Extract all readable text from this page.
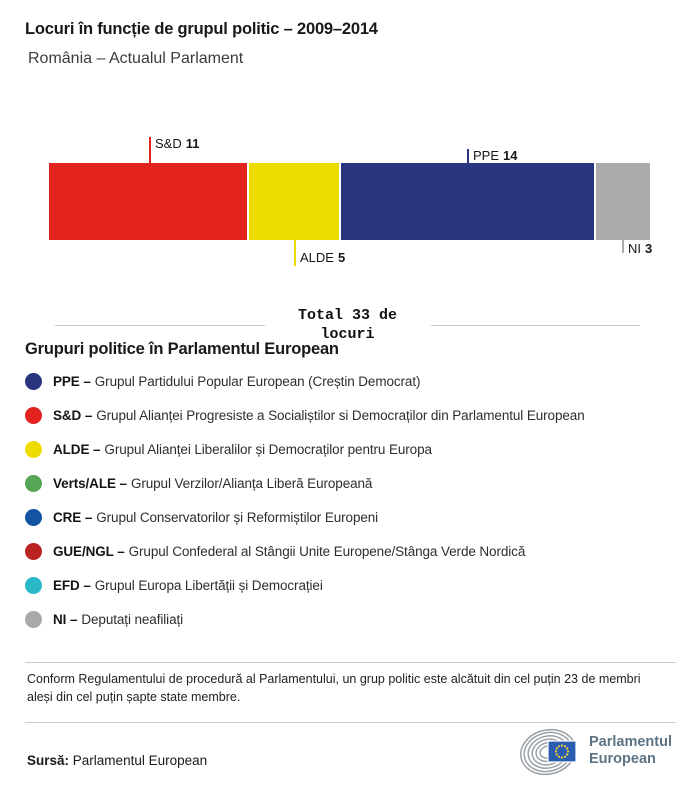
Locuri în funcție de grupul politic – 2009–2014
România – Actualul Parlament
S&D 11
PPE 14
ALDE 5
NI 3
Total 33 de locuri
Grupuri politice în Parlamentul European
PPE – Grupul Partidului Popular European (Creștin Democrat)
S&D – Grupul Alianței Progresiste a Socialiștilor si Democraților din Parlamentul European
ALDE – Grupul Alianței Liberalilor și Democraților pentru Europa
Verts/ALE – Grupul Verzilor/Alianța Liberă Europeană
CRE – Grupul Conservatorilor și Reformiștilor Europeni
GUE/NGL – Grupul Confederal al Stângii Unite Europene/Stânga Verde Nordică
EFD – Grupul Europa Libertății și Democrației
NI – Deputați neafiliați

Conform Regulamentului de procedură al Parlamentului, un grup politic este alcătuit din cel puțin 23 de membri aleși din cel puțin șapte state membre.

Sursă: Parlamentul European
Parlamentul
European
